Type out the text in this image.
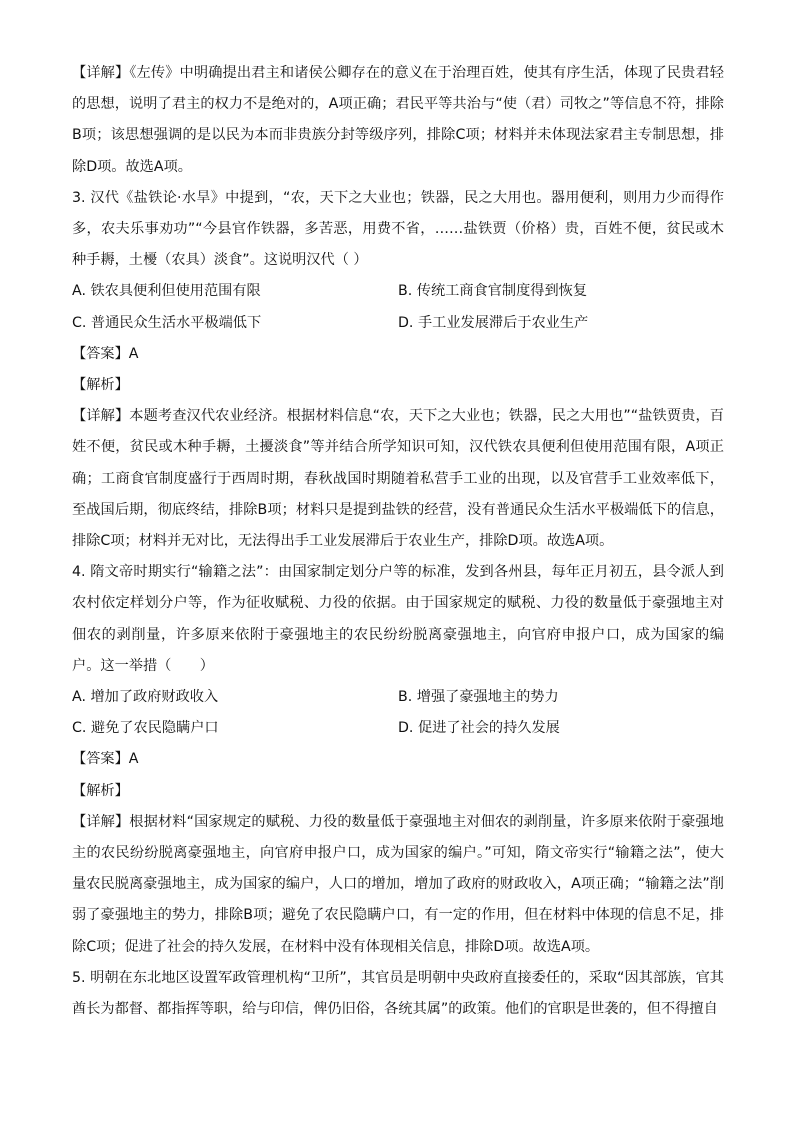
【详解】《左传》中明确提出君主和诸侯公卿存在的意义在于治理百姓，使其有序生活，体现了民贵君轻的思想，说明了君主的权力不是绝对的，A项正确；君民平等共治与“使（君）司牧之”等信息不符，排除B项；该思想强调的是以民为本而非贵族分封等级序列，排除C项；材料并未体现法家君主专制思想，排除D项。故选A项。

3. 汉代《盐铁论·水旱》中提到，“农，天下之大业也；铁器，民之大用也。器用便利，则用力少而得作多，农夫乐事劝功”“今县官作铁器，多苦恶，用费不省，……盐铁贾（价格）贵，百姓不便，贫民或木种手耨，土櫌（农具）淡食”。这说明汉代（ ）

A. 铁农具便利但使用范围有限	B. 传统工商食官制度得到恢复
C. 普通民众生活水平极端低下	D. 手工业发展滞后于农业生产

【答案】A

【解析】

【详解】本题考查汉代农业经济。根据材料信息“农，天下之大业也；铁器，民之大用也”“盐铁贾贵，百姓不便，贫民或木种手耨，土擾淡食”等并结合所学知识可知，汉代铁农具便利但使用范围有限，A项正确；工商食官制度盛行于西周时期，春秋战国时期随着私营手工业的出现，以及官营手工业效率低下，至战国后期，彻底终结，排除B项；材料只是提到盐铁的经营，没有普通民众生活水平极端低下的信息，排除C项；材料并无对比，无法得出手工业发展滞后于农业生产，排除D项。故选A项。

4. 隋文帝时期实行“输籍之法”：由国家制定划分户等的标准，发到各州县，每年正月初五，县令派人到农村依定样划分户等，作为征收赋税、力役的依据。由于国家规定的赋税、力役的数量低于豪强地主对佃农的剥削量，许多原来依附于豪强地主的农民纷纷脱离豪强地主，向官府申报户口，成为国家的编户。这一举措（　　）

A. 增加了政府财政收入	B. 增强了豪强地主的势力
C. 避免了农民隐瞒户口	D. 促进了社会的持久发展

【答案】A

【解析】

【详解】根据材料“国家规定的赋税、力役的数量低于豪强地主对佃农的剥削量，许多原来依附于豪强地主的农民纷纷脱离豪强地主，向官府申报户口，成为国家的编户。”可知，隋文帝实行“输籍之法”，使大量农民脱离豪强地主，成为国家的编户，人口的增加，增加了政府的财政收入，A项正确；“输籍之法”削弱了豪强地主的势力，排除B项；避免了农民隐瞒户口，有一定的作用，但在材料中体现的信息不足，排除C项；促进了社会的持久发展，在材料中没有体现相关信息，排除D项。故选A项。

5. 明朝在东北地区设置军政管理机构“卫所”，其官员是明朝中央政府直接委任的，采取“因其部族，官其酋长为都督、都指挥等职，给与印信，俾仍旧俗，各统其属”的政策。他们的官职是世袭的，但不得擅自
